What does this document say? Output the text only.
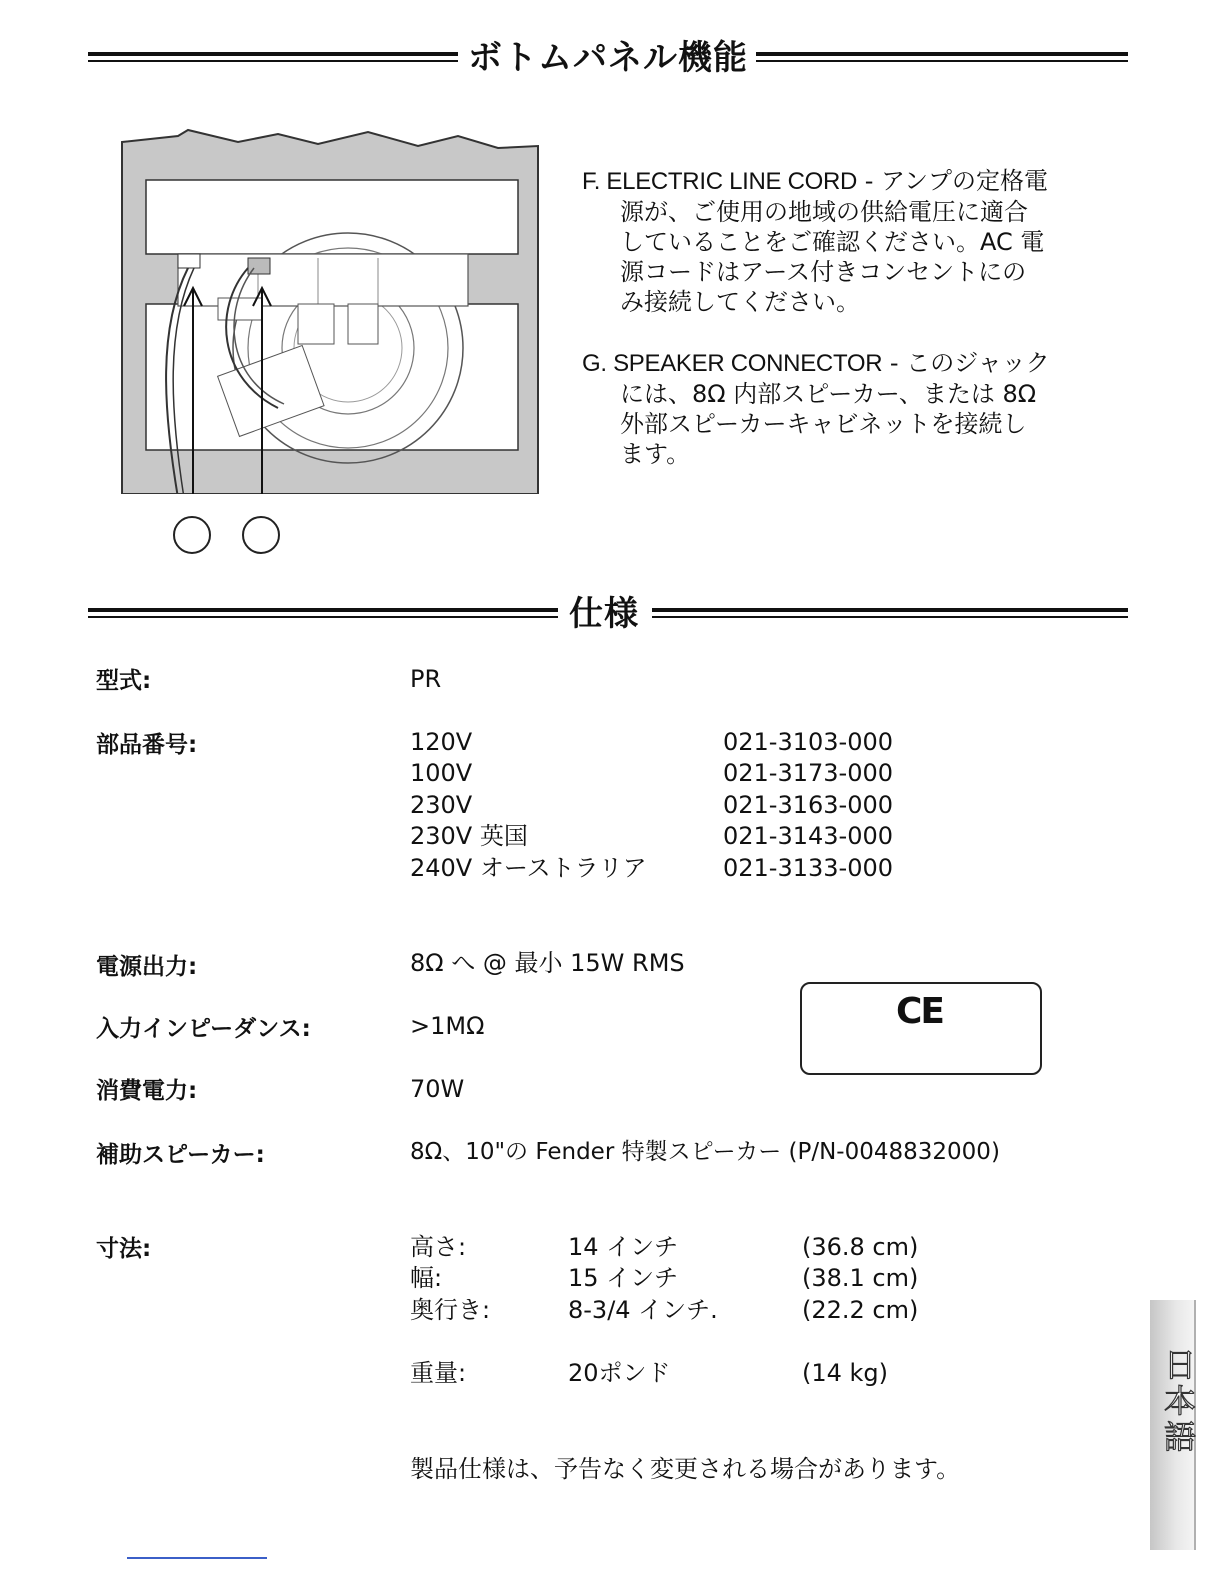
ボトムパネル機能
F. ELECTRIC LINE CORD - アンプの定格電
源が、ご使用の地域の供給電圧に適合
していることをご確認ください。AC 電
源コードはアース付きコンセントにの
み接続してください。
G. SPEAKER CONNECTOR - このジャック
には、8Ω 内部スピーカー、または 8Ω
外部スピーカーキャビネットを接続し
ます。
仕様
型式:	PR
部品番号:	120V	021-3103-000
100V	021-3173-000
230V	021-3163-000
230V 英国	021-3143-000
240V オーストラリア	021-3133-000
電源出力:	8Ω へ @ 最小 15W RMS
CE
入力インピーダンス:	>1MΩ
消費電力:	70W
補助スピーカー:	8Ω、10"の Fender 特製スピーカー (P/N-0048832000)
寸法:	高さ:	14 インチ	(36.8 cm)
幅:	15 インチ	(38.1 cm)
奥行き:	8-3/4 インチ.	(22.2 cm)
重量:	20ポンド	(14 kg)
製品仕様は、予告なく変更される場合があります。
日本語
